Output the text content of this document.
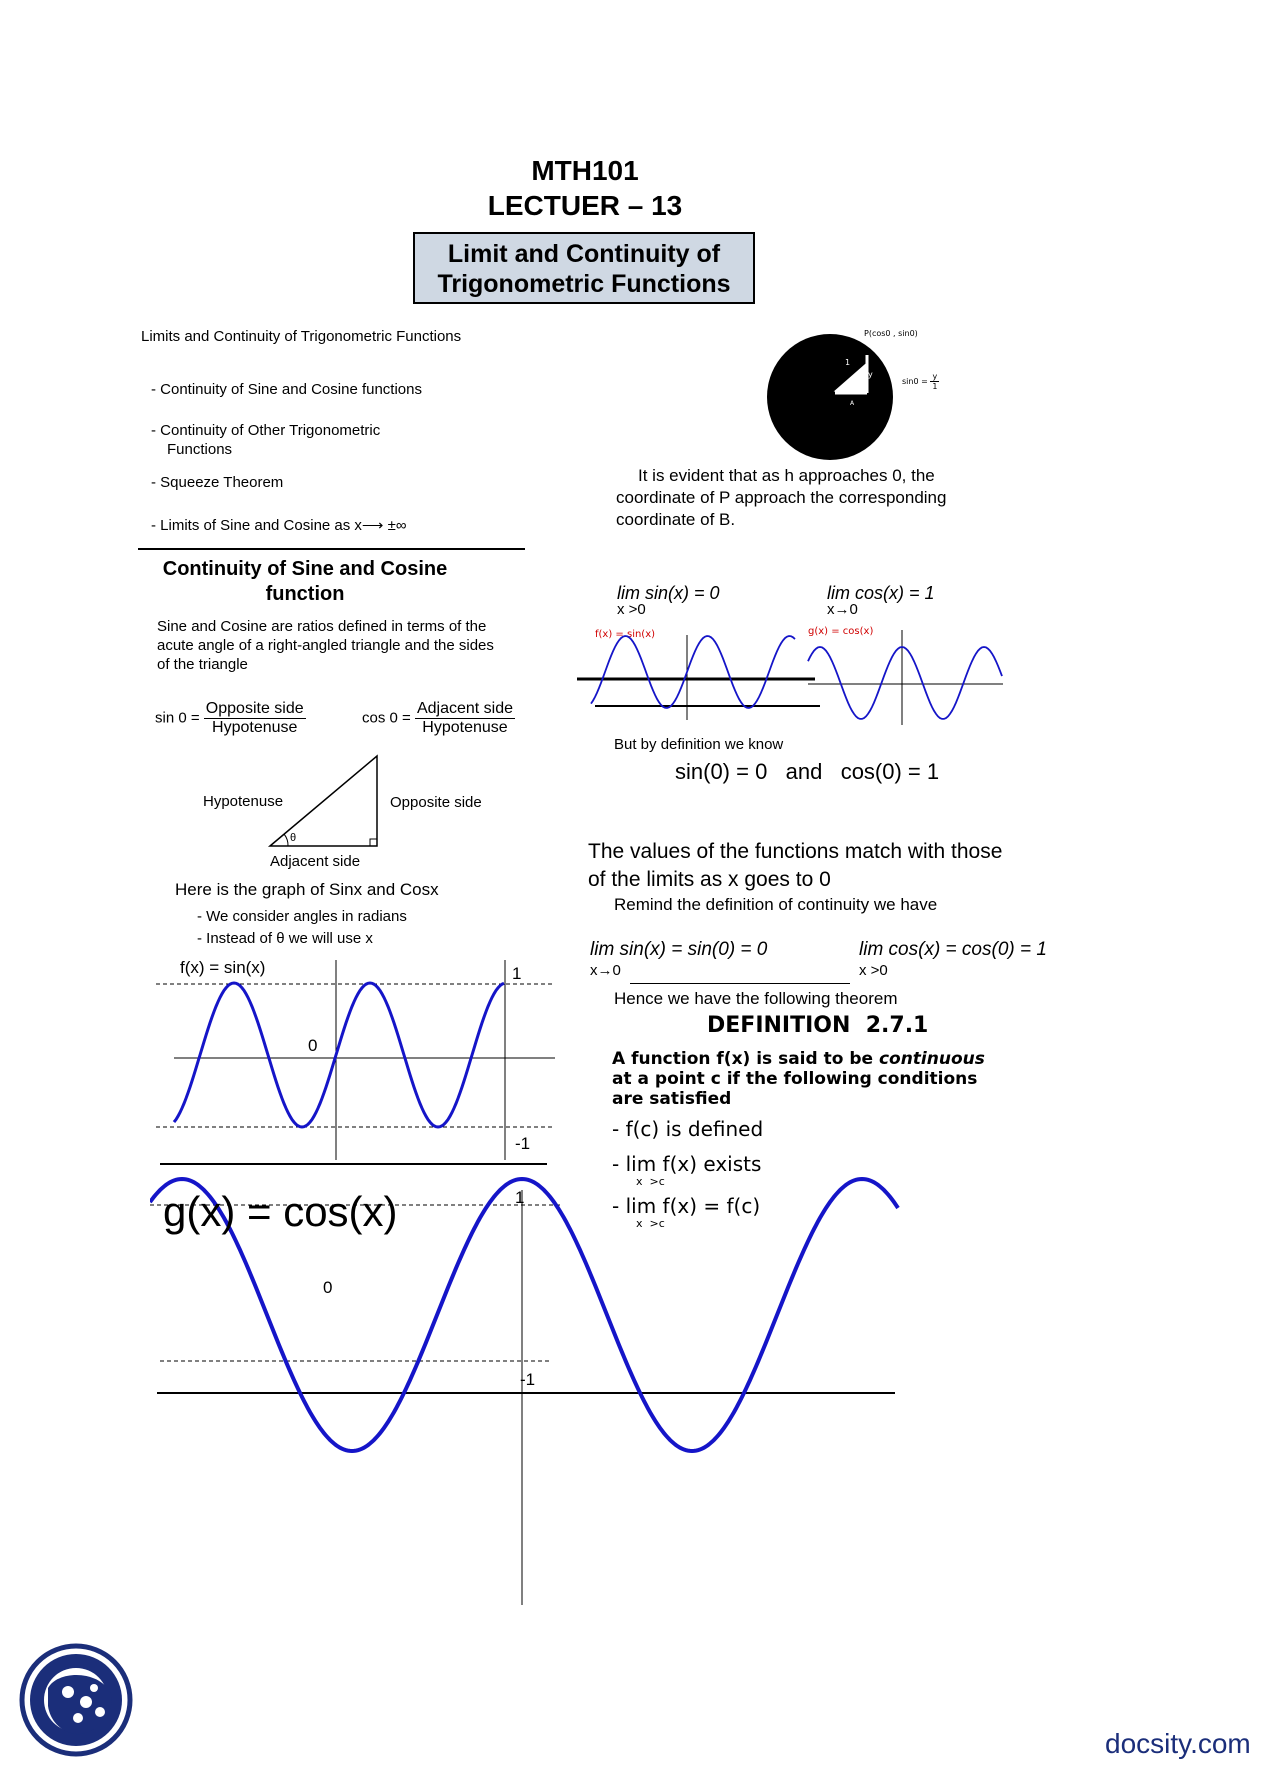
MTH101
LECTUER – 13
Limit and Continuity of
Trigonometric Functions
Limits and Continuity of Trigonometric Functions
- Continuity of Sine and Cosine functions
- Continuity of Other Trigonometric
Functions
- Squeeze Theorem
- Limits of Sine and Cosine as x⟶ ±∞
P(cos0 , sin0)
$\sin 0 = \frac{y}{1}$
1
y
0
A
It is evident that as h approaches 0, the
coordinate of P approach the corresponding
coordinate of B.
Continuity of Sine and Cosine
function
Sine and Cosine are ratios defined in terms of the
acute angle of a right-angled triangle and the sides
of the triangle
$\sin 0 = \frac{\text{Opposite side}}{\text{Hypotenuse}}$	$\cos 0 = \frac{\text{Adjacent side}}{\text{Hypotenuse}}$
Hypotenuse	Opposite side
Adjacent side
θ
Here is the graph of Sinx and Cosx
- We consider angles in radians
- Instead of θ we will use x
f(x) = sin(x)	1
0
-1
g(x) = cos(x)	1
0
-1
lim sin(x) = 0
x >0
lim cos(x) = 1
x→0
f(x) = sin(x)	g(x) = cos(x)
But by definition we know
sin(0) = 0   and   cos(0) = 1
The values of the functions match with those
of the limits as x goes to 0
Remind the definition of continuity we have
lim sin(x) = sin(0) = 0
x→0
lim cos(x) = cos(0) = 1
x >0
Hence we have the following theorem
DEFINITION  2.7.1
A function f(x) is said to be continuous
at a point c if the following conditions
are satisfied
- f(c) is defined
- lim f(x) exists
x  >c
- lim f(x) = f(c)
x  >c
docsity.com
